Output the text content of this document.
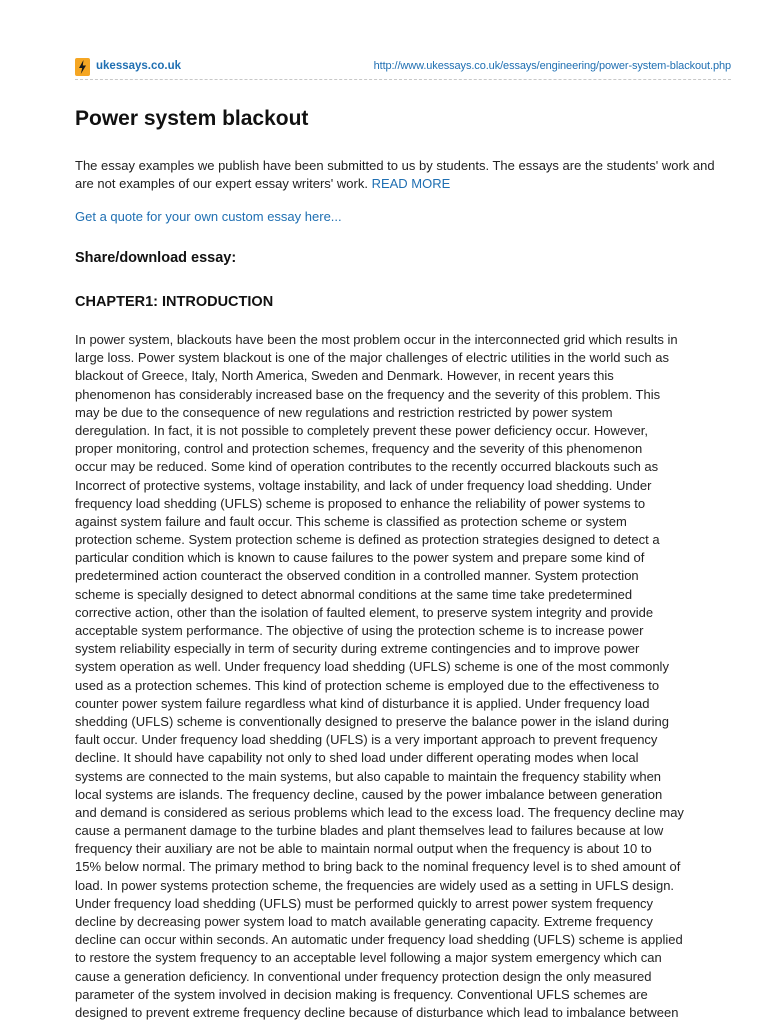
ukessays.co.uk	http://www.ukessays.co.uk/essays/engineering/power-system-blackout.php
Power system blackout

The essay examples we publish have been submitted to us by students. The essays are the students' work and are not examples of our expert essay writers' work. READ MORE

Get a quote for your own custom essay here...
Share/download essay:
CHAPTER1: INTRODUCTION
In power system, blackouts have been the most problem occur in the interconnected grid which results in
large loss. Power system blackout is one of the major challenges of electric utilities in the world such as
blackout of Greece, Italy, North America, Sweden and Denmark. However, in recent years this
phenomenon has considerably increased base on the frequency and the severity of this problem. This
may be due to the consequence of new regulations and restriction restricted by power system
deregulation. In fact, it is not possible to completely prevent these power deficiency occur. However,
proper monitoring, control and protection schemes, frequency and the severity of this phenomenon
occur may be reduced. Some kind of operation contributes to the recently occurred blackouts such as
Incorrect of protective systems, voltage instability, and lack of under frequency load shedding. Under
frequency load shedding (UFLS) scheme is proposed to enhance the reliability of power systems to
against system failure and fault occur. This scheme is classified as protection scheme or system
protection scheme. System protection scheme is defined as protection strategies designed to detect a
particular condition which is known to cause failures to the power system and prepare some kind of
predetermined action counteract the observed condition in a controlled manner. System protection
scheme is specially designed to detect abnormal conditions at the same time take predetermined
corrective action, other than the isolation of faulted element, to preserve system integrity and provide
acceptable system performance. The objective of using the protection scheme is to increase power
system reliability especially in term of security during extreme contingencies and to improve power
system operation as well. Under frequency load shedding (UFLS) scheme is one of the most commonly
used as a protection schemes. This kind of protection scheme is employed due to the effectiveness to
counter power system failure regardless what kind of disturbance it is applied. Under frequency load
shedding (UFLS) scheme is conventionally designed to preserve the balance power in the island during
fault occur. Under frequency load shedding (UFLS) is a very important approach to prevent frequency
decline. It should have capability not only to shed load under different operating modes when local
systems are connected to the main systems, but also capable to maintain the frequency stability when
local systems are islands. The frequency decline, caused by the power imbalance between generation
and demand is considered as serious problems which lead to the excess load. The frequency decline may
cause a permanent damage to the turbine blades and plant themselves lead to failures because at low
frequency their auxiliary are not be able to maintain normal output when the frequency is about 10 to
15% below normal. The primary method to bring back to the nominal frequency level is to shed amount of
load. In power systems protection scheme, the frequencies are widely used as a setting in UFLS design.
Under frequency load shedding (UFLS) must be performed quickly to arrest power system frequency
decline by decreasing power system load to match available generating capacity. Extreme frequency
decline can occur within seconds. An automatic under frequency load shedding (UFLS) scheme is applied
to restore the system frequency to an acceptable level following a major system emergency which can
cause a generation deficiency. In conventional under frequency protection design the only measured
parameter of the system involved in decision making is frequency. Conventional UFLS schemes are
designed to prevent extreme frequency decline because of disturbance which lead to imbalance between
